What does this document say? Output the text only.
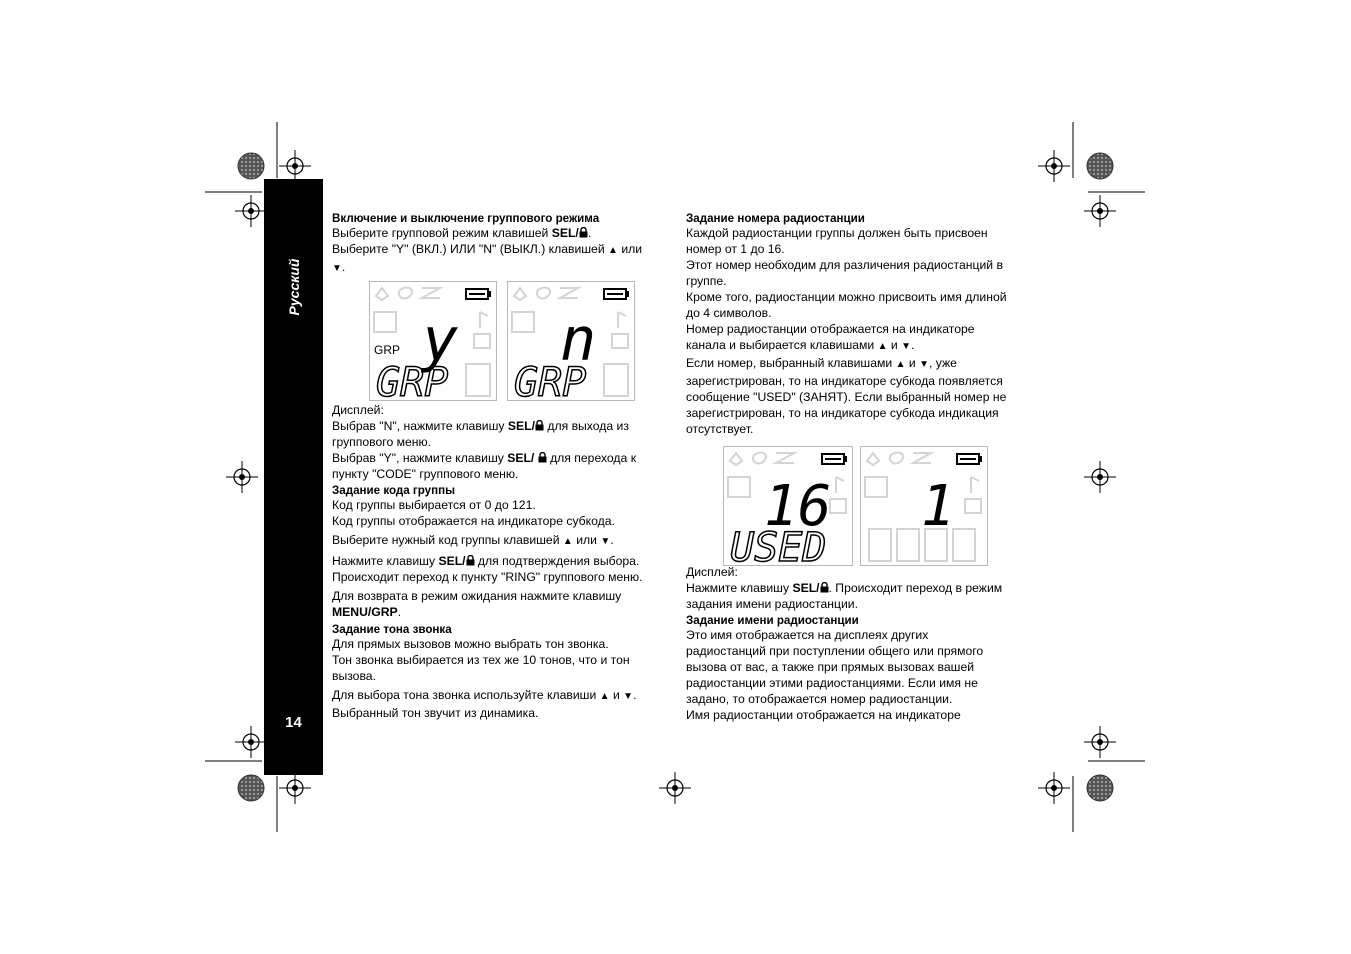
Русский
14
Включение и выключение группового режима

Выберите групповой режим клавишей SEL/ .

Выберите "Y" (ВКЛ.) ИЛИ "N" (ВЫКЛ.) клавишей ▲ или

▼.

GRP y
GRP
n
GRP

Дисплей:

Выбрав "N", нажмите клавишу SEL/ для выхода из

группового меню.

Выбрав "Y", нажмите клавишу SEL/  для перехода к

пункту "CODE" группового меню.

Задание кода группы

Код группы выбирается от 0 до 121.

Код группы отображается на индикаторе субкода.

Выберите нужный код группы клавишей ▲ или ▼.

Нажмите клавишу SEL/ для подтверждения выбора.

Происходит переход к пункту "RING" группового меню.

Для возврата в режим ожидания нажмите клавишу

MENU/GRP.

Задание тона звонка

Для прямых вызовов можно выбрать тон звонка.

Тон звонка выбирается из тех же 10 тонов, что и тон

вызова.

Для выбора тона звонка используйте клавиши ▲ и ▼.

Выбранный тон звучит из динамика.

Задание номера радиостанции

Каждой радиостанции группы должен быть присвоен

номер от 1 до 16.

Этот номер необходим для различения радиостанций в

группе.

Кроме того, радиостанции можно присвоить имя длиной

до 4 символов.

Номер радиостанции отображается на индикаторе

канала и выбирается клавишами ▲ и ▼.

Если номер, выбранный клавишами ▲ и ▼, уже

зарегистрирован, то на индикаторе субкода появляется

сообщение "USED" (ЗАНЯТ). Если выбранный номер не

зарегистрирован, то на индикаторе субкода индикация

отсутствует.

16
USED
1

Дисплей:

Нажмите клавишу SEL/ . Происходит переход в режим

задания имени радиостанции.

Задание имени радиостанции

Это имя отображается на дисплеях других

радиостанций при поступлении общего или прямого

вызова от вас, а также при прямых вызовах вашей

радиостанции этими радиостанциями. Если имя не

задано, то отображается номер радиостанции.

Имя радиостанции отображается на индикаторе
